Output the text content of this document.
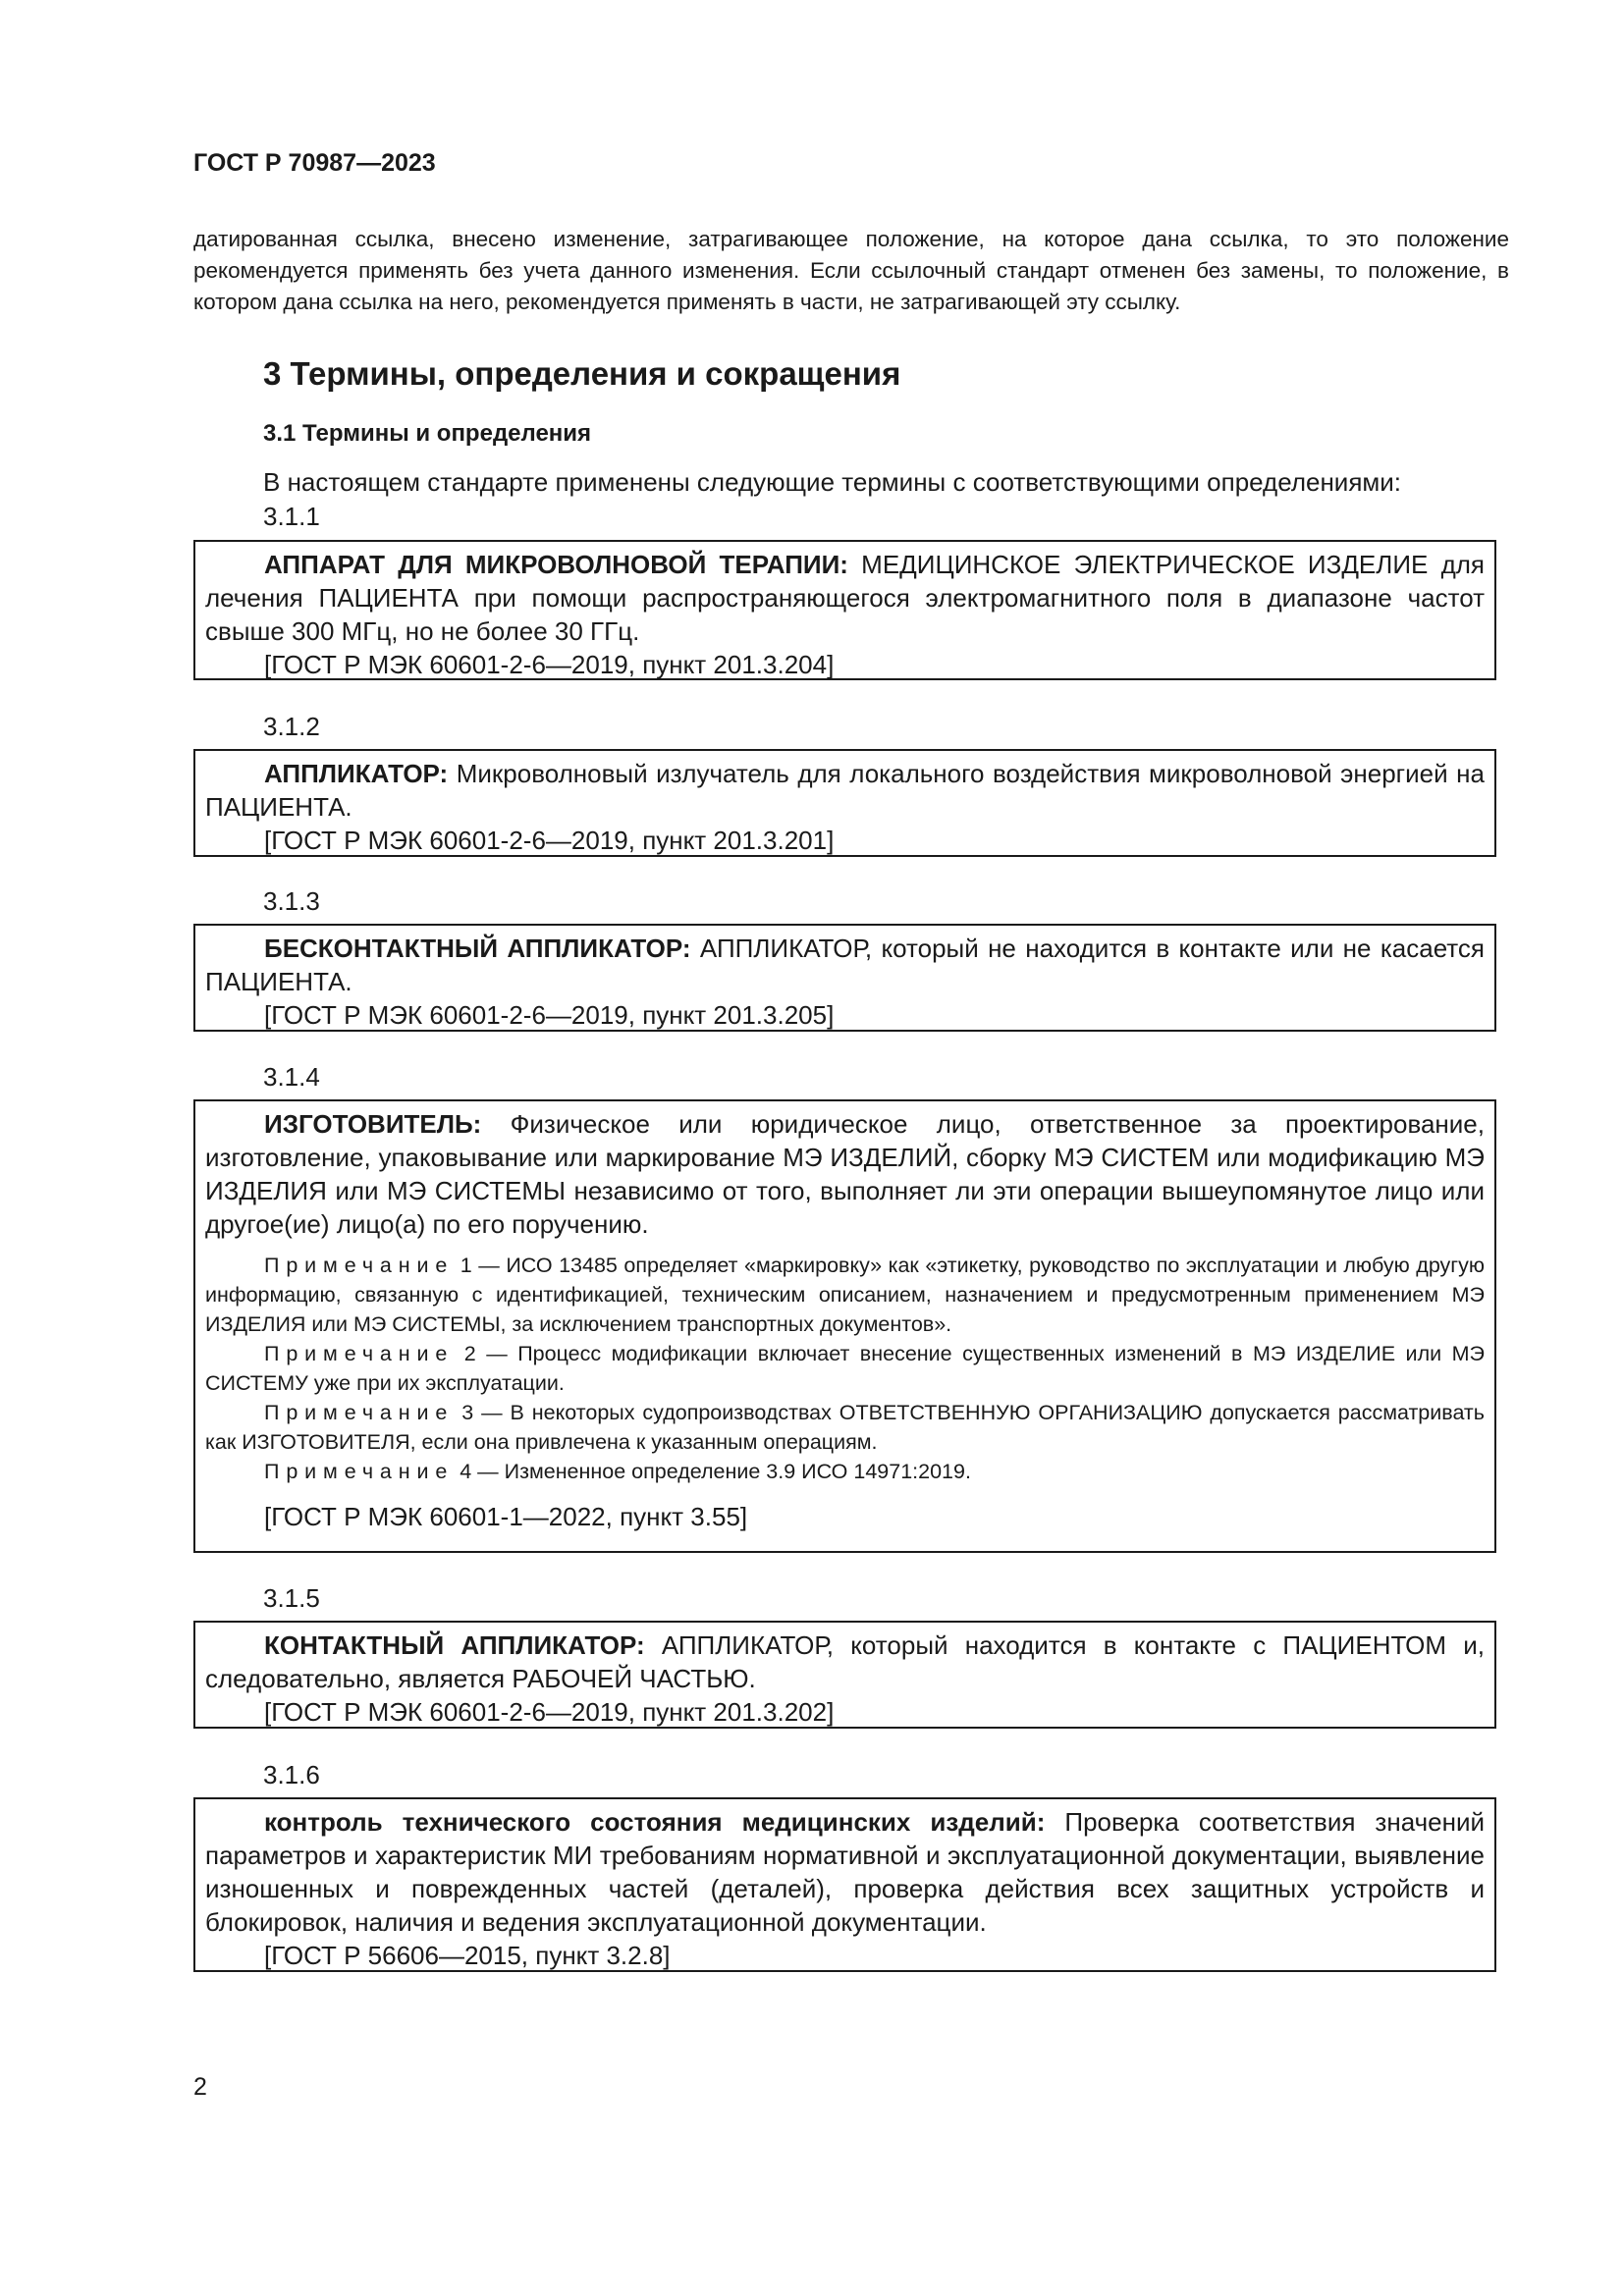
ГОСТ Р 70987—2023
датированная ссылка, внесено изменение, затрагивающее положение, на которое дана ссылка, то это положение рекомендуется применять без учета данного изменения. Если ссылочный стандарт отменен без замены, то положение, в котором дана ссылка на него, рекомендуется применять в части, не затрагивающей эту ссылку.
3 Термины, определения и сокращения
3.1 Термины и определения
В настоящем стандарте применены следующие термины с соответствующими определениями:
3.1.1

АППАРАТ ДЛЯ МИКРОВОЛНОВОЙ ТЕРАПИИ: МЕДИЦИНСКОЕ ЭЛЕКТРИЧЕСКОЕ ИЗДЕЛИЕ для лечения ПАЦИЕНТА при помощи распространяющегося электромагнитного поля в диапазоне частот свыше 300 МГц, но не более 30 ГГц.

[ГОСТ Р МЭК 60601-2-6—2019, пункт 201.3.204]

3.1.2

АППЛИКАТОР: Микроволновый излучатель для локального воздействия микроволновой энергией на ПАЦИЕНТА.

[ГОСТ Р МЭК 60601-2-6—2019, пункт 201.3.201]

3.1.3

БЕСКОНТАКТНЫЙ АППЛИКАТОР: АППЛИКАТОР, который не находится в контакте или не касается ПАЦИЕНТА.

[ГОСТ Р МЭК 60601-2-6—2019, пункт 201.3.205]

3.1.4

ИЗГОТОВИТЕЛЬ: Физическое или юридическое лицо, ответственное за проектирование, изготовление, упаковывание или маркирование МЭ ИЗДЕЛИЙ, сборку МЭ СИСТЕМ или модификацию МЭ ИЗДЕЛИЯ или МЭ СИСТЕМЫ независимо от того, выполняет ли эти операции вышеупомянутое лицо или другое(ие) лицо(а) по его поручению.

Примечание 1 — ИСО 13485 определяет «маркировку» как «этикетку, руководство по эксплуатации и любую другую информацию, связанную с идентификацией, техническим описанием, назначением и предусмотренным применением МЭ ИЗДЕЛИЯ или МЭ СИСТЕМЫ, за исключением транспортных документов».

Примечание 2 — Процесс модификации включает внесение существенных изменений в МЭ ИЗДЕЛИЕ или МЭ СИСТЕМУ уже при их эксплуатации.

Примечание 3 — В некоторых судопроизводствах ОТВЕТСТВЕННУЮ ОРГАНИЗАЦИЮ допускается рассматривать как ИЗГОТОВИТЕЛЯ, если она привлечена к указанным операциям.

Примечание 4 — Измененное определение 3.9 ИСО 14971:2019.

[ГОСТ Р МЭК 60601-1—2022, пункт 3.55]

3.1.5

КОНТАКТНЫЙ АППЛИКАТОР: АППЛИКАТОР, который находится в контакте с ПАЦИЕНТОМ и, следовательно, является РАБОЧЕЙ ЧАСТЬЮ.

[ГОСТ Р МЭК 60601-2-6—2019, пункт 201.3.202]

3.1.6

контроль технического состояния медицинских изделий: Проверка соответствия значений параметров и характеристик МИ требованиям нормативной и эксплуатационной документации, выявление изношенных и поврежденных частей (деталей), проверка действия всех защитных устройств и блокировок, наличия и ведения эксплуатационной документации.

[ГОСТ Р 56606—2015, пункт 3.2.8]

2
